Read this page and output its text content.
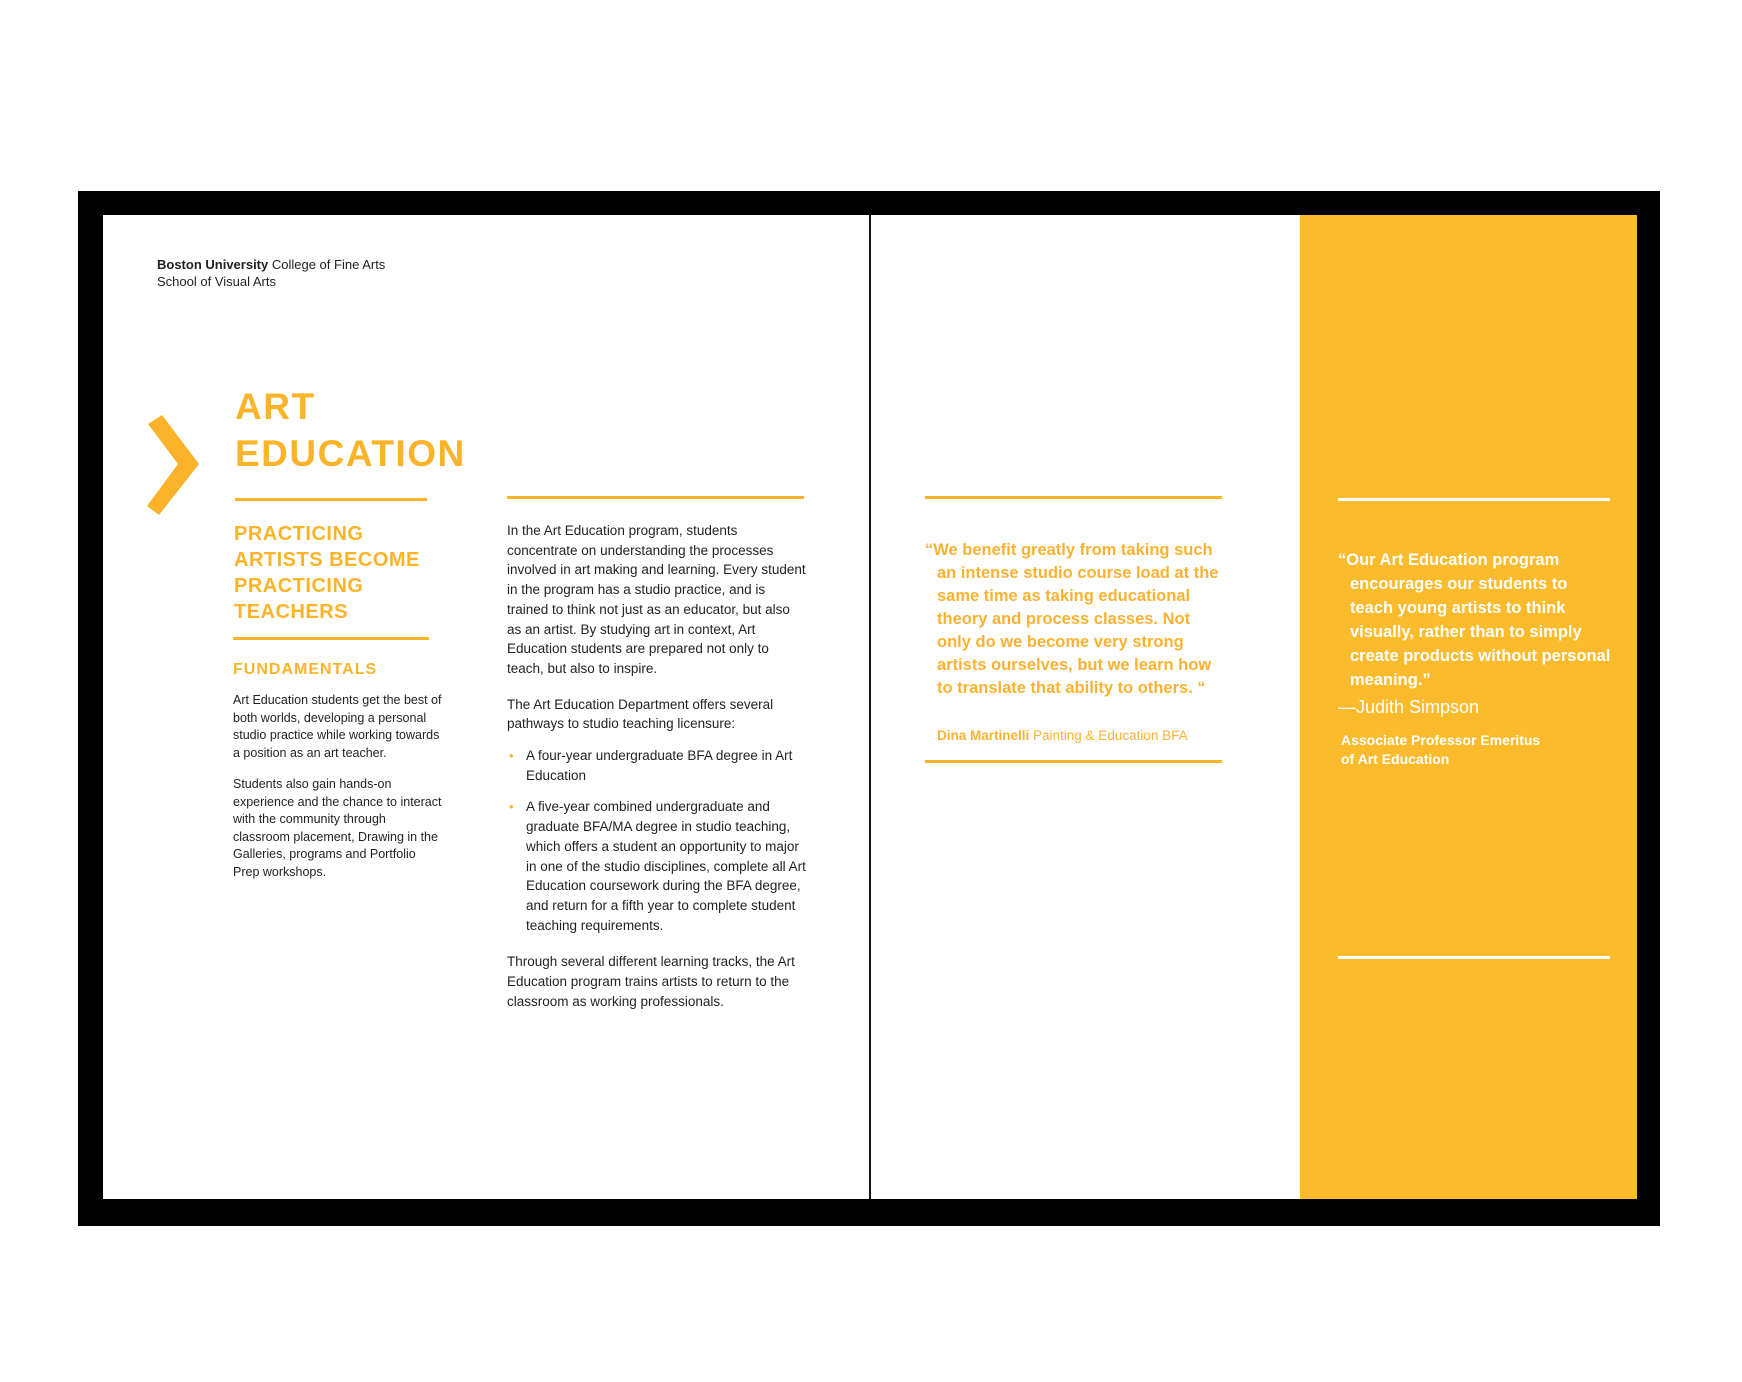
Boston University College of Fine Arts
School of Visual Arts
ART
EDUCATION
PRACTICING
ARTISTS BECOME
PRACTICING
TEACHERS
FUNDAMENTALS

Art Education students get the best of both worlds, developing a personal studio practice while working towards a position as an art teacher.

Students also gain hands-on experience and the chance to interact with the community through classroom placement, Drawing in the Galleries, programs and Portfolio Prep workshops.

In the Art Education program, students concentrate on understanding the processes involved in art making and learning. Every student in the program has a studio practice, and is trained to think not just as an educator, but also as an artist. By studying art in context, Art Education students are prepared not only to teach, but also to inspire.

The Art Education Department offers several pathways to studio teaching licensure:

• A four-year undergraduate BFA degree in Art Education
• A five-year combined undergraduate and graduate BFA/MA degree in studio teaching, which offers a student an opportunity to major in one of the studio disciplines, complete all Art Education coursework during the BFA degree, and return for a fifth year to complete student teaching requirements.

Through several different learning tracks, the Art Education program trains artists to return to the classroom as working professionals.

“We benefit greatly from taking such an intense studio course load at the same time as taking educational theory and process classes. Not only do we become very strong artists ourselves, but we learn how to translate that ability to others. “

Dina Martinelli Painting & Education BFA

“Our Art Education program encourages our students to teach young artists to think visually, rather than to simply create products without personal meaning.”

—Judith Simpson
Associate Professor Emeritus
of Art Education
